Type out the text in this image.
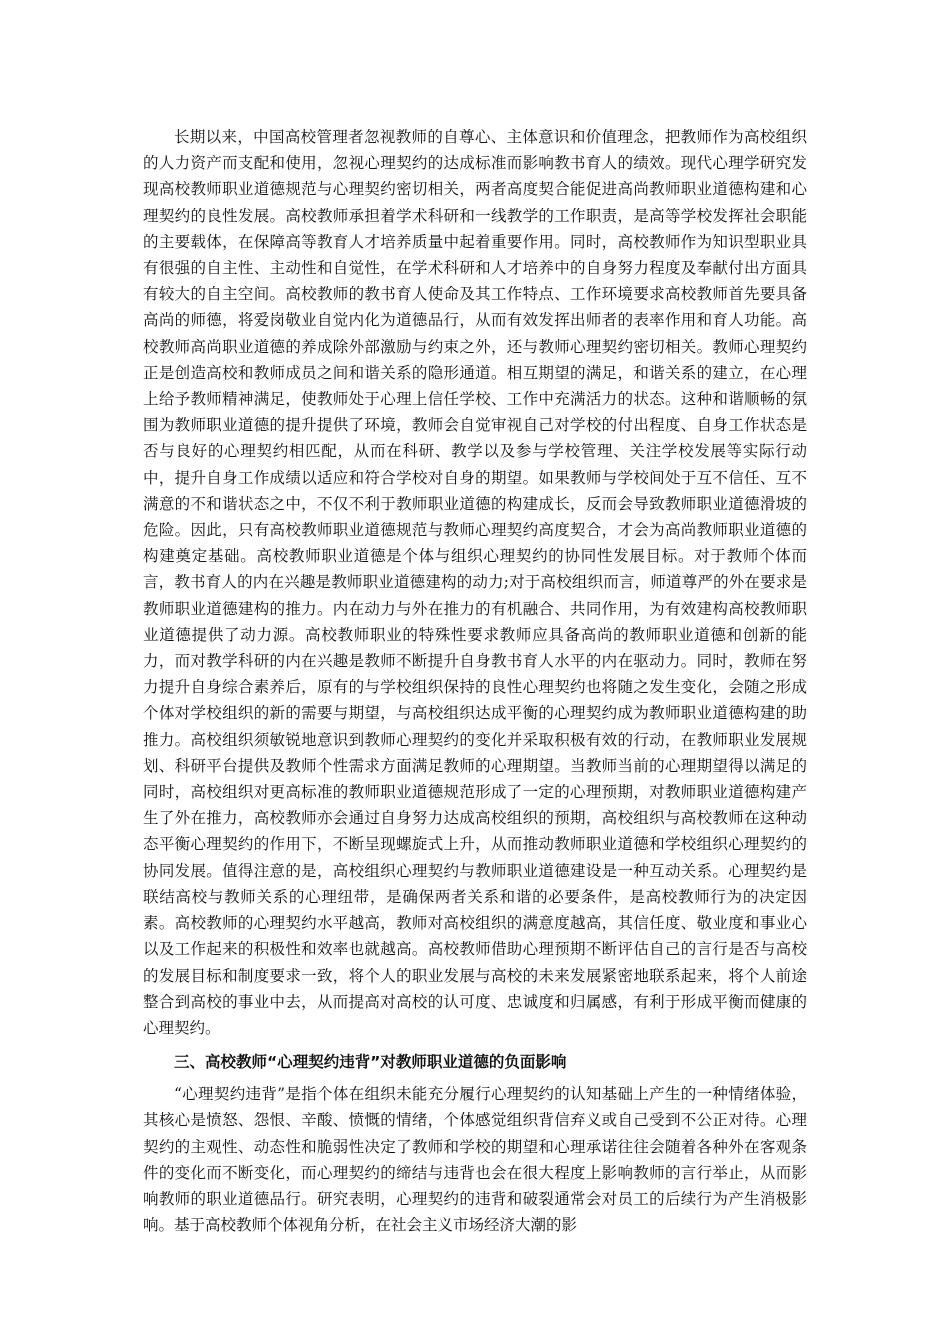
长期以来，中国高校管理者忽视教师的自尊心、主体意识和价值理念，把教师作为高校组织的人力资产而支配和使用，忽视心理契约的达成标准而影响教书育人的绩效。现代心理学研究发现高校教师职业道德规范与心理契约密切相关，两者高度契合能促进高尚教师职业道德构建和心理契约的良性发展。高校教师承担着学术科研和一线教学的工作职责，是高等学校发挥社会职能的主要载体，在保障高等教育人才培养质量中起着重要作用。同时，高校教师作为知识型职业具有很强的自主性、主动性和自觉性，在学术科研和人才培养中的自身努力程度及奉献付出方面具有较大的自主空间。高校教师的教书育人使命及其工作特点、工作环境要求高校教师首先要具备高尚的师德，将爱岗敬业自觉内化为道德品行，从而有效发挥出师者的表率作用和育人功能。高校教师高尚职业道德的养成除外部激励与约束之外，还与教师心理契约密切相关。教师心理契约正是创造高校和教师成员之间和谐关系的隐形通道。相互期望的满足，和谐关系的建立，在心理上给予教师精神满足，使教师处于心理上信任学校、工作中充满活力的状态。这种和谐顺畅的氛围为教师职业道德的提升提供了环境，教师会自觉审视自己对学校的付出程度、自身工作状态是否与良好的心理契约相匹配，从而在科研、教学以及参与学校管理、关注学校发展等实际行动中，提升自身工作成绩以适应和符合学校对自身的期望。如果教师与学校间处于互不信任、互不满意的不和谐状态之中，不仅不利于教师职业道德的构建成长，反而会导致教师职业道德滑坡的危险。因此，只有高校教师职业道德规范与教师心理契约高度契合，才会为高尚教师职业道德的构建奠定基础。高校教师职业道德是个体与组织心理契约的协同性发展目标。对于教师个体而言，教书育人的内在兴趣是教师职业道德建构的动力;对于高校组织而言，师道尊严的外在要求是教师职业道德建构的推力。内在动力与外在推力的有机融合、共同作用，为有效建构高校教师职业道德提供了动力源。高校教师职业的特殊性要求教师应具备高尚的教师职业道德和创新的能力，而对教学科研的内在兴趣是教师不断提升自身教书育人水平的内在驱动力。同时，教师在努力提升自身综合素养后，原有的与学校组织保持的良性心理契约也将随之发生变化，会随之形成个体对学校组织的新的需要与期望，与高校组织达成平衡的心理契约成为教师职业道德构建的助推力。高校组织须敏锐地意识到教师心理契约的变化并采取积极有效的行动，在教师职业发展规划、科研平台提供及教师个性需求方面满足教师的心理期望。当教师当前的心理期望得以满足的同时，高校组织对更高标准的教师职业道德规范形成了一定的心理预期，对教师职业道德构建产生了外在推力，高校教师亦会通过自身努力达成高校组织的预期，高校组织与高校教师在这种动态平衡心理契约的作用下，不断呈现螺旋式上升，从而推动教师职业道德和学校组织心理契约的协同发展。值得注意的是，高校组织心理契约与教师职业道德建设是一种互动关系。心理契约是联结高校与教师关系的心理纽带，是确保两者关系和谐的必要条件，是高校教师行为的决定因素。高校教师的心理契约水平越高，教师对高校组织的满意度越高，其信任度、敬业度和事业心以及工作起来的积极性和效率也就越高。高校教师借助心理预期不断评估自己的言行是否与高校的发展目标和制度要求一致，将个人的职业发展与高校的未来发展紧密地联系起来，将个人前途整合到高校的事业中去，从而提高对高校的认可度、忠诚度和归属感，有利于形成平衡而健康的心理契约。

三、高校教师“心理契约违背”对教师职业道德的负面影响

“心理契约违背”是指个体在组织未能充分履行心理契约的认知基础上产生的一种情绪体验，其核心是愤怒、怨恨、辛酸、愤慨的情绪，个体感觉组织背信弃义或自己受到不公正对待。心理契约的主观性、动态性和脆弱性决定了教师和学校的期望和心理承诺往往会随着各种外在客观条件的变化而不断变化，而心理契约的缔结与违背也会在很大程度上影响教师的言行举止，从而影响教师的职业道德品行。研究表明，心理契约的违背和破裂通常会对员工的后续行为产生消极影响。基于高校教师个体视角分析，在社会主义市场经济大潮的影
